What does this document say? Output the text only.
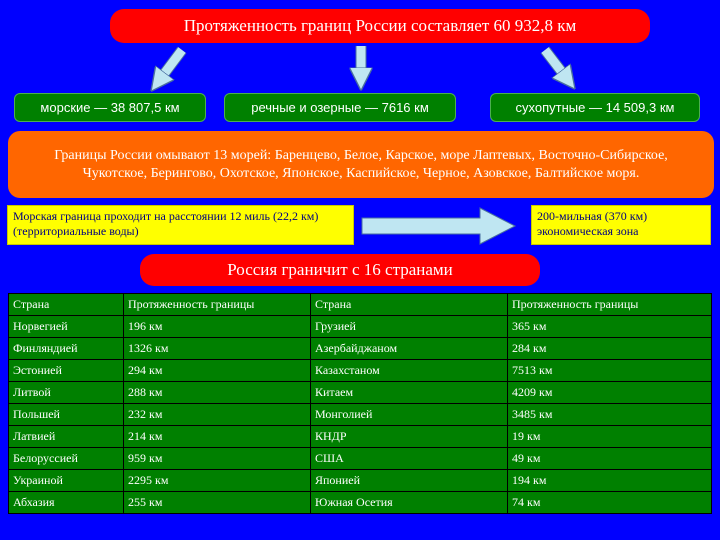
Протяженность границ России составляет 60 932,8 км
морские — 38 807,5 км	речные и озерные — 7616 км	сухопутные — 14 509,3 км
Границы России омывают 13 морей: Баренцево, Белое, Карское, море Лаптевых, Восточно-Сибирское, Чукотское, Берингово, Охотское, Японское, Каспийское, Черное, Азовское, Балтийское моря.
Морская граница проходит на расстоянии 12 миль (22,2 км) (территориальные воды)
200-мильная (370 км) экономическая зона
Россия граничит с 16 странами
Страна	Протяженность границы	Страна	Протяженность границы
Норвегией	196 км	Грузией	365 км
Финляндией	1326 км	Азербайджаном	284 км
Эстонией	294 км	Казахстаном	7513 км
Литвой	288 км	Китаем	4209 км
Польшей	232 км	Монголией	3485 км
Латвией	214 км	КНДР	19 км
Белоруссией	959 км	США	49 км
Украиной	2295 км	Японией	194 км
Абхазия	255 км	Южная Осетия	74 км
